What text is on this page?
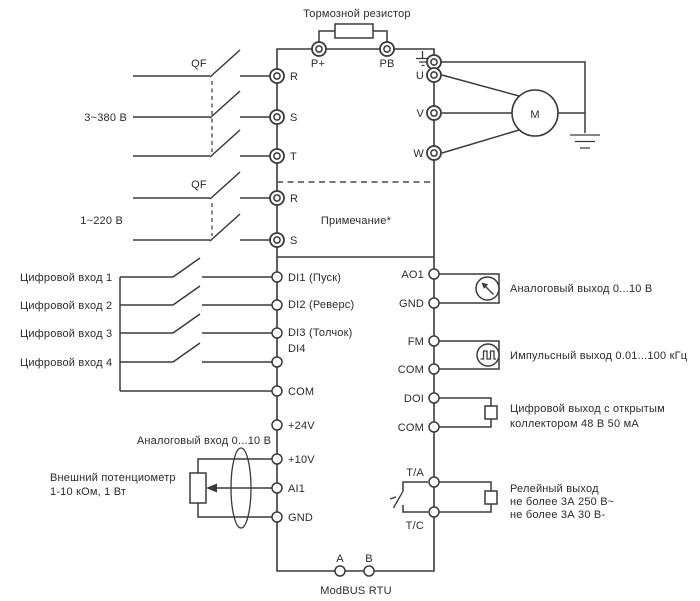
Тормозной резистор
QF
3~380 В
QF
1~220 В	Примечание*
M
Цифровой вход 1
Цифровой вход 2
Цифровой вход 3
Цифровой вход 4
Аналоговый вход 0...10 В
Внешний потенциометр
1-10 кОм, 1 Вт
Аналоговый выход 0...10 В
Импульсный выход 0.01...100 кГц
Цифровой выход с открытым
коллектором 48 В 50 мА
Релейный выход
не более 3А 250 В~
не более 3А 30 В-
P+	PB
R
S
T
R
S
U
V
W
DI1 (Пуск)
DI2 (Реверс)
DI3 (Толчок)
DI4
COM
+24V
+10V
AI1
GND
AO1
GND
FM
COM
DOI
COM
T/A
T/C
A B
ModBUS RTU
